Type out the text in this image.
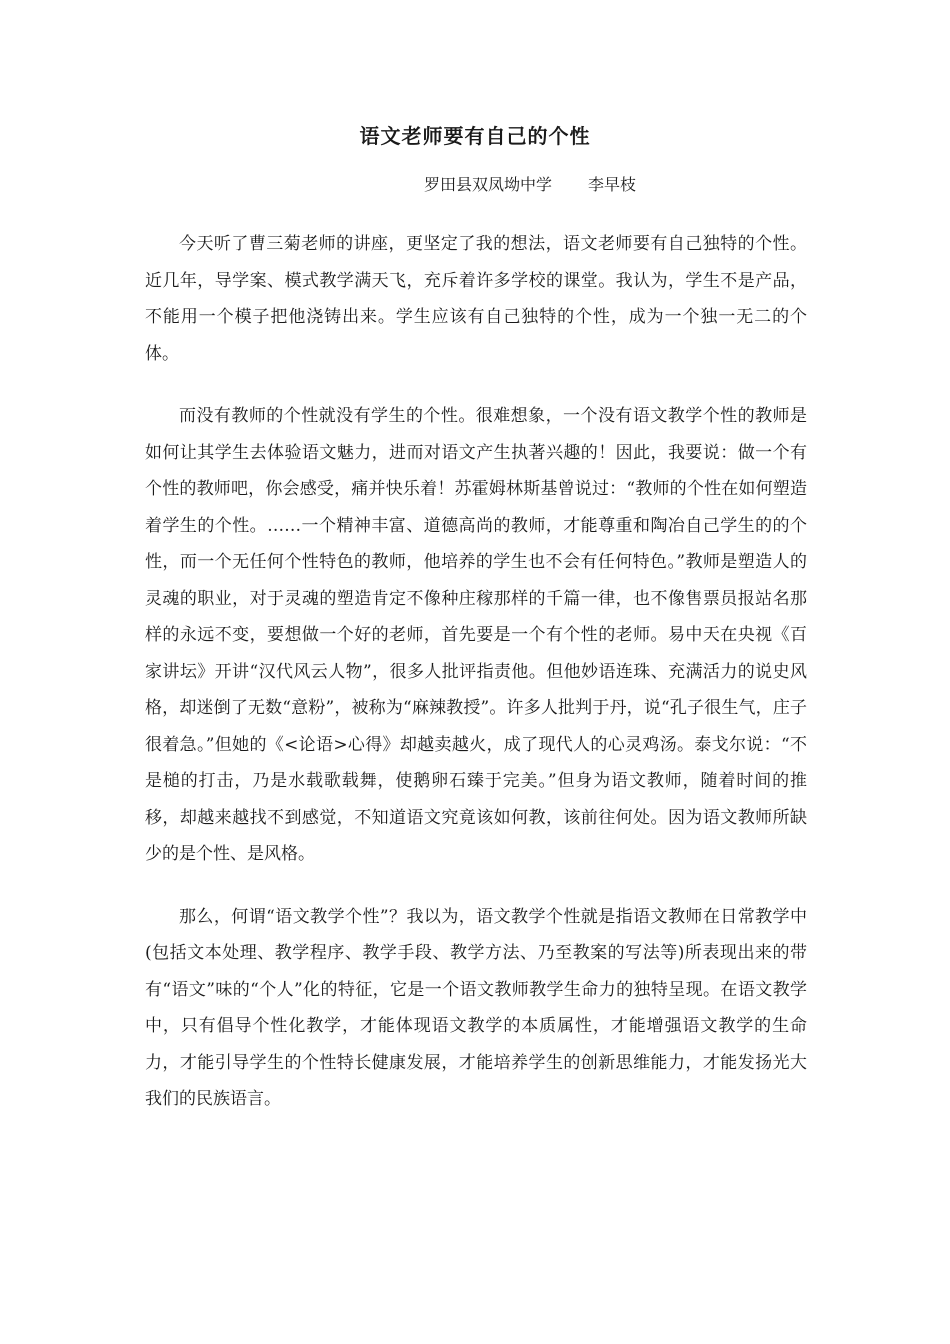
语文老师要有自己的个性

罗田县双凤坳中学 李早枝

今天听了曹三菊老师的讲座，更坚定了我的想法，语文老师要有自己独特的个性。近几年，导学案、模式教学满天飞，充斥着许多学校的课堂。我认为，学生不是产品，不能用一个模子把他浇铸出来。学生应该有自己独特的个性，成为一个独一无二的个体。

而没有教师的个性就没有学生的个性。很难想象，一个没有语文教学个性的教师是如何让其学生去体验语文魅力，进而对语文产生执著兴趣的！因此，我要说：做一个有个性的教师吧，你会感受，痛并快乐着！苏霍姆林斯基曾说过：“教师的个性在如何塑造着学生的个性。……一个精神丰富、道德高尚的教师，才能尊重和陶冶自己学生的的个性，而一个无任何个性特色的教师，他培养的学生也不会有任何特色。”教师是塑造人的灵魂的职业，对于灵魂的塑造肯定不像种庄稼那样的千篇一律，也不像售票员报站名那样的永远不变，要想做一个好的老师，首先要是一个有个性的老师。易中天在央视《百家讲坛》开讲“汉代风云人物”，很多人批评指责他。但他妙语连珠、充满活力的说史风格，却迷倒了无数“意粉”，被称为“麻辣教授”。许多人批判于丹，说“孔子很生气，庄子很着急。”但她的《<论语>心得》却越卖越火，成了现代人的心灵鸡汤。泰戈尔说：“不是槌的打击，乃是水载歌载舞，使鹅卵石臻于完美。”但身为语文教师，随着时间的推移，却越来越找不到感觉，不知道语文究竟该如何教，该前往何处。因为语文教师所缺少的是个性、是风格。

那么，何谓“语文教学个性”？我以为，语文教学个性就是指语文教师在日常教学中(包括文本处理、教学程序、教学手段、教学方法、乃至教案的写法等)所表现出来的带有“语文”味的“个人”化的特征，它是一个语文教师教学生命力的独特呈现。在语文教学中，只有倡导个性化教学，才能体现语文教学的本质属性，才能增强语文教学的生命力，才能引导学生的个性特长健康发展，才能培养学生的创新思维能力，才能发扬光大我们的民族语言。
